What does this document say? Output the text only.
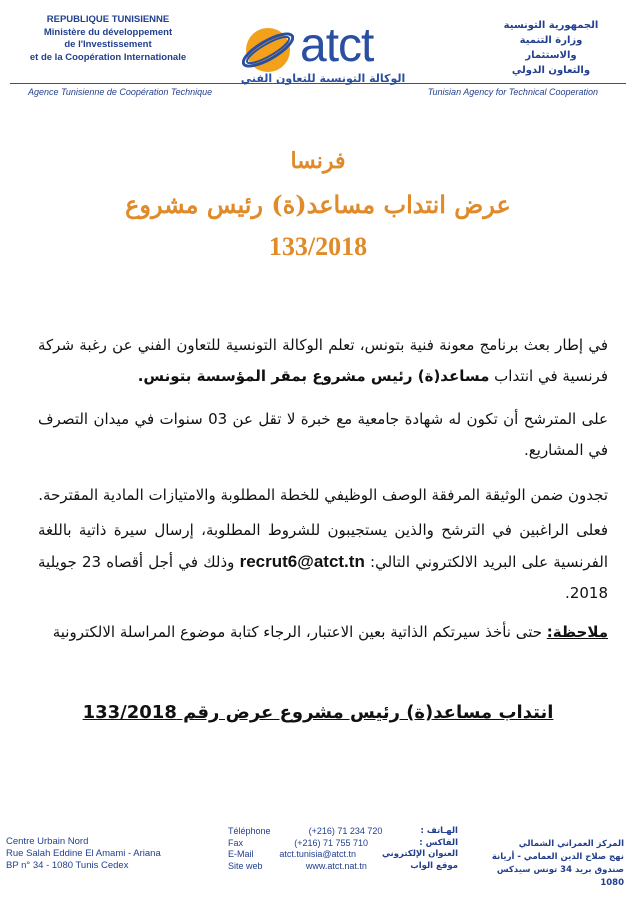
REPUBLIQUE TUNISIENNE
Ministère du développement
de l'Investissement
et de la Coopération Internationale atct
الوكالة التونسية للتعاون الفني
الجمهورية التونسية
وزارة التنمية والاستثمار
والتعاون الدولي
Agence Tunisienne de Coopération Technique	Tunisian Agency for Technical Cooperation
فرنسا
عرض انتداب مساعد(ة) رئيس مشروع
133/2018
في إطار بعث برنامج معونة فنية بتونس، تعلم الوكالة التونسية للتعاون الفني عن رغبة شركة فرنسية في انتداب مساعد(ة) رئيس مشروع بمقر المؤسسة بتونس.
على المترشح أن تكون له شهادة جامعية مع خبرة لا تقل عن 03 سنوات في ميدان التصرف في المشاريع.
تجدون ضمن الوثيقة المرفقة الوصف الوظيفي للخطة المطلوبة والامتيازات المادية المقترحة.
فعلى الراغبين في الترشح والذين يستجيبون للشروط المطلوبة، إرسال سيرة ذاتية باللغة الفرنسية على البريد الالكتروني التالي: recrut6@atct.tn وذلك في أجل أقصاه 23 جويلية 2018.
ملاحظة: حتى نأخذ سيرتكم الذاتية بعين الاعتبار، الرجاء كتابة موضوع المراسلة الالكترونية
انتداب مساعد(ة) رئيس مشروع عرض رقم 133/2018
Centre Urbain Nord
Rue Salah Eddine El Amami - Ariana
BP n° 34 - 1080 Tunis Cedex
Téléphone	(+216) 71 234 720	الهـاتف :
Fax	(+216) 71 755 710	الفاكس :
E-Mail	atct.tunisia@atct.tn	العنوان الإلكتروني
Site web	www.atct.nat.tn	موقع الواب
المركز العمراني الشمالي
نهج صلاح الدين العمامي - أريانة
صندوق بريد 34 تونس سيدكس 1080
